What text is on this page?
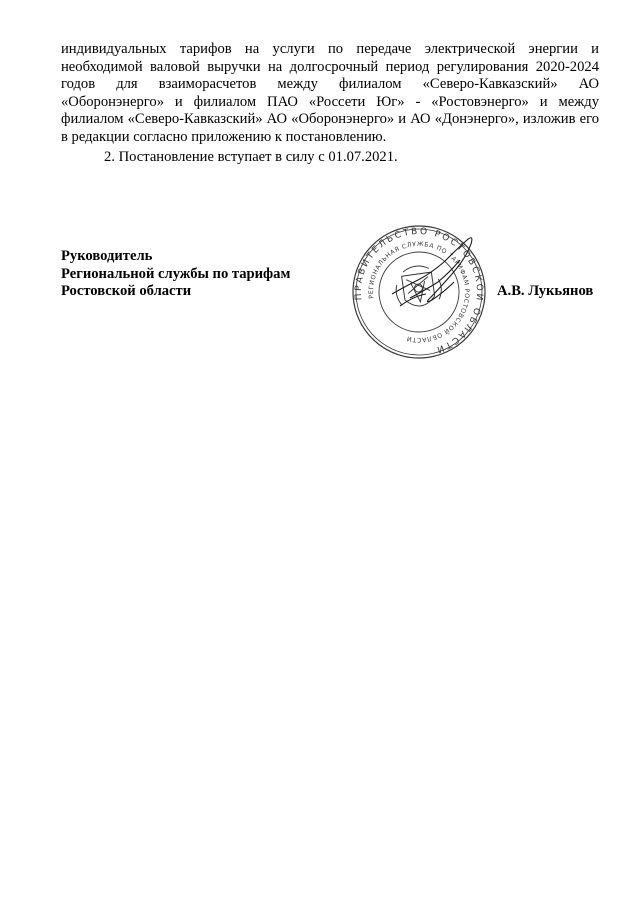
индивидуальных тарифов на услуги по передаче электрической энергии и необходимой валовой выручки на долгосрочный период регулирования 2020-2024 годов для взаиморасчетов между филиалом «Северо-Кавказский» АО «Оборонэнерго» и филиалом ПАО «Россети Юг» - «Ростовэнерго» и между филиалом «Северо-Кавказский» АО «Оборонэнерго» и АО «Донэнерго», изложив его в редакции согласно приложению к постановлению.

2. Постановление вступает в силу с 01.07.2021.

Руководитель
Региональной службы по тарифам
Ростовской области	ПРАВИТЕЛЬСТВО РОСТОВСКОЙ ОБЛАСТИ
РЕГИОНАЛЬНАЯ СЛУЖБА ПО ТАРИФАМ РОСТОВСКОЙ ОБЛАСТИ
А.В. Лукьянов
